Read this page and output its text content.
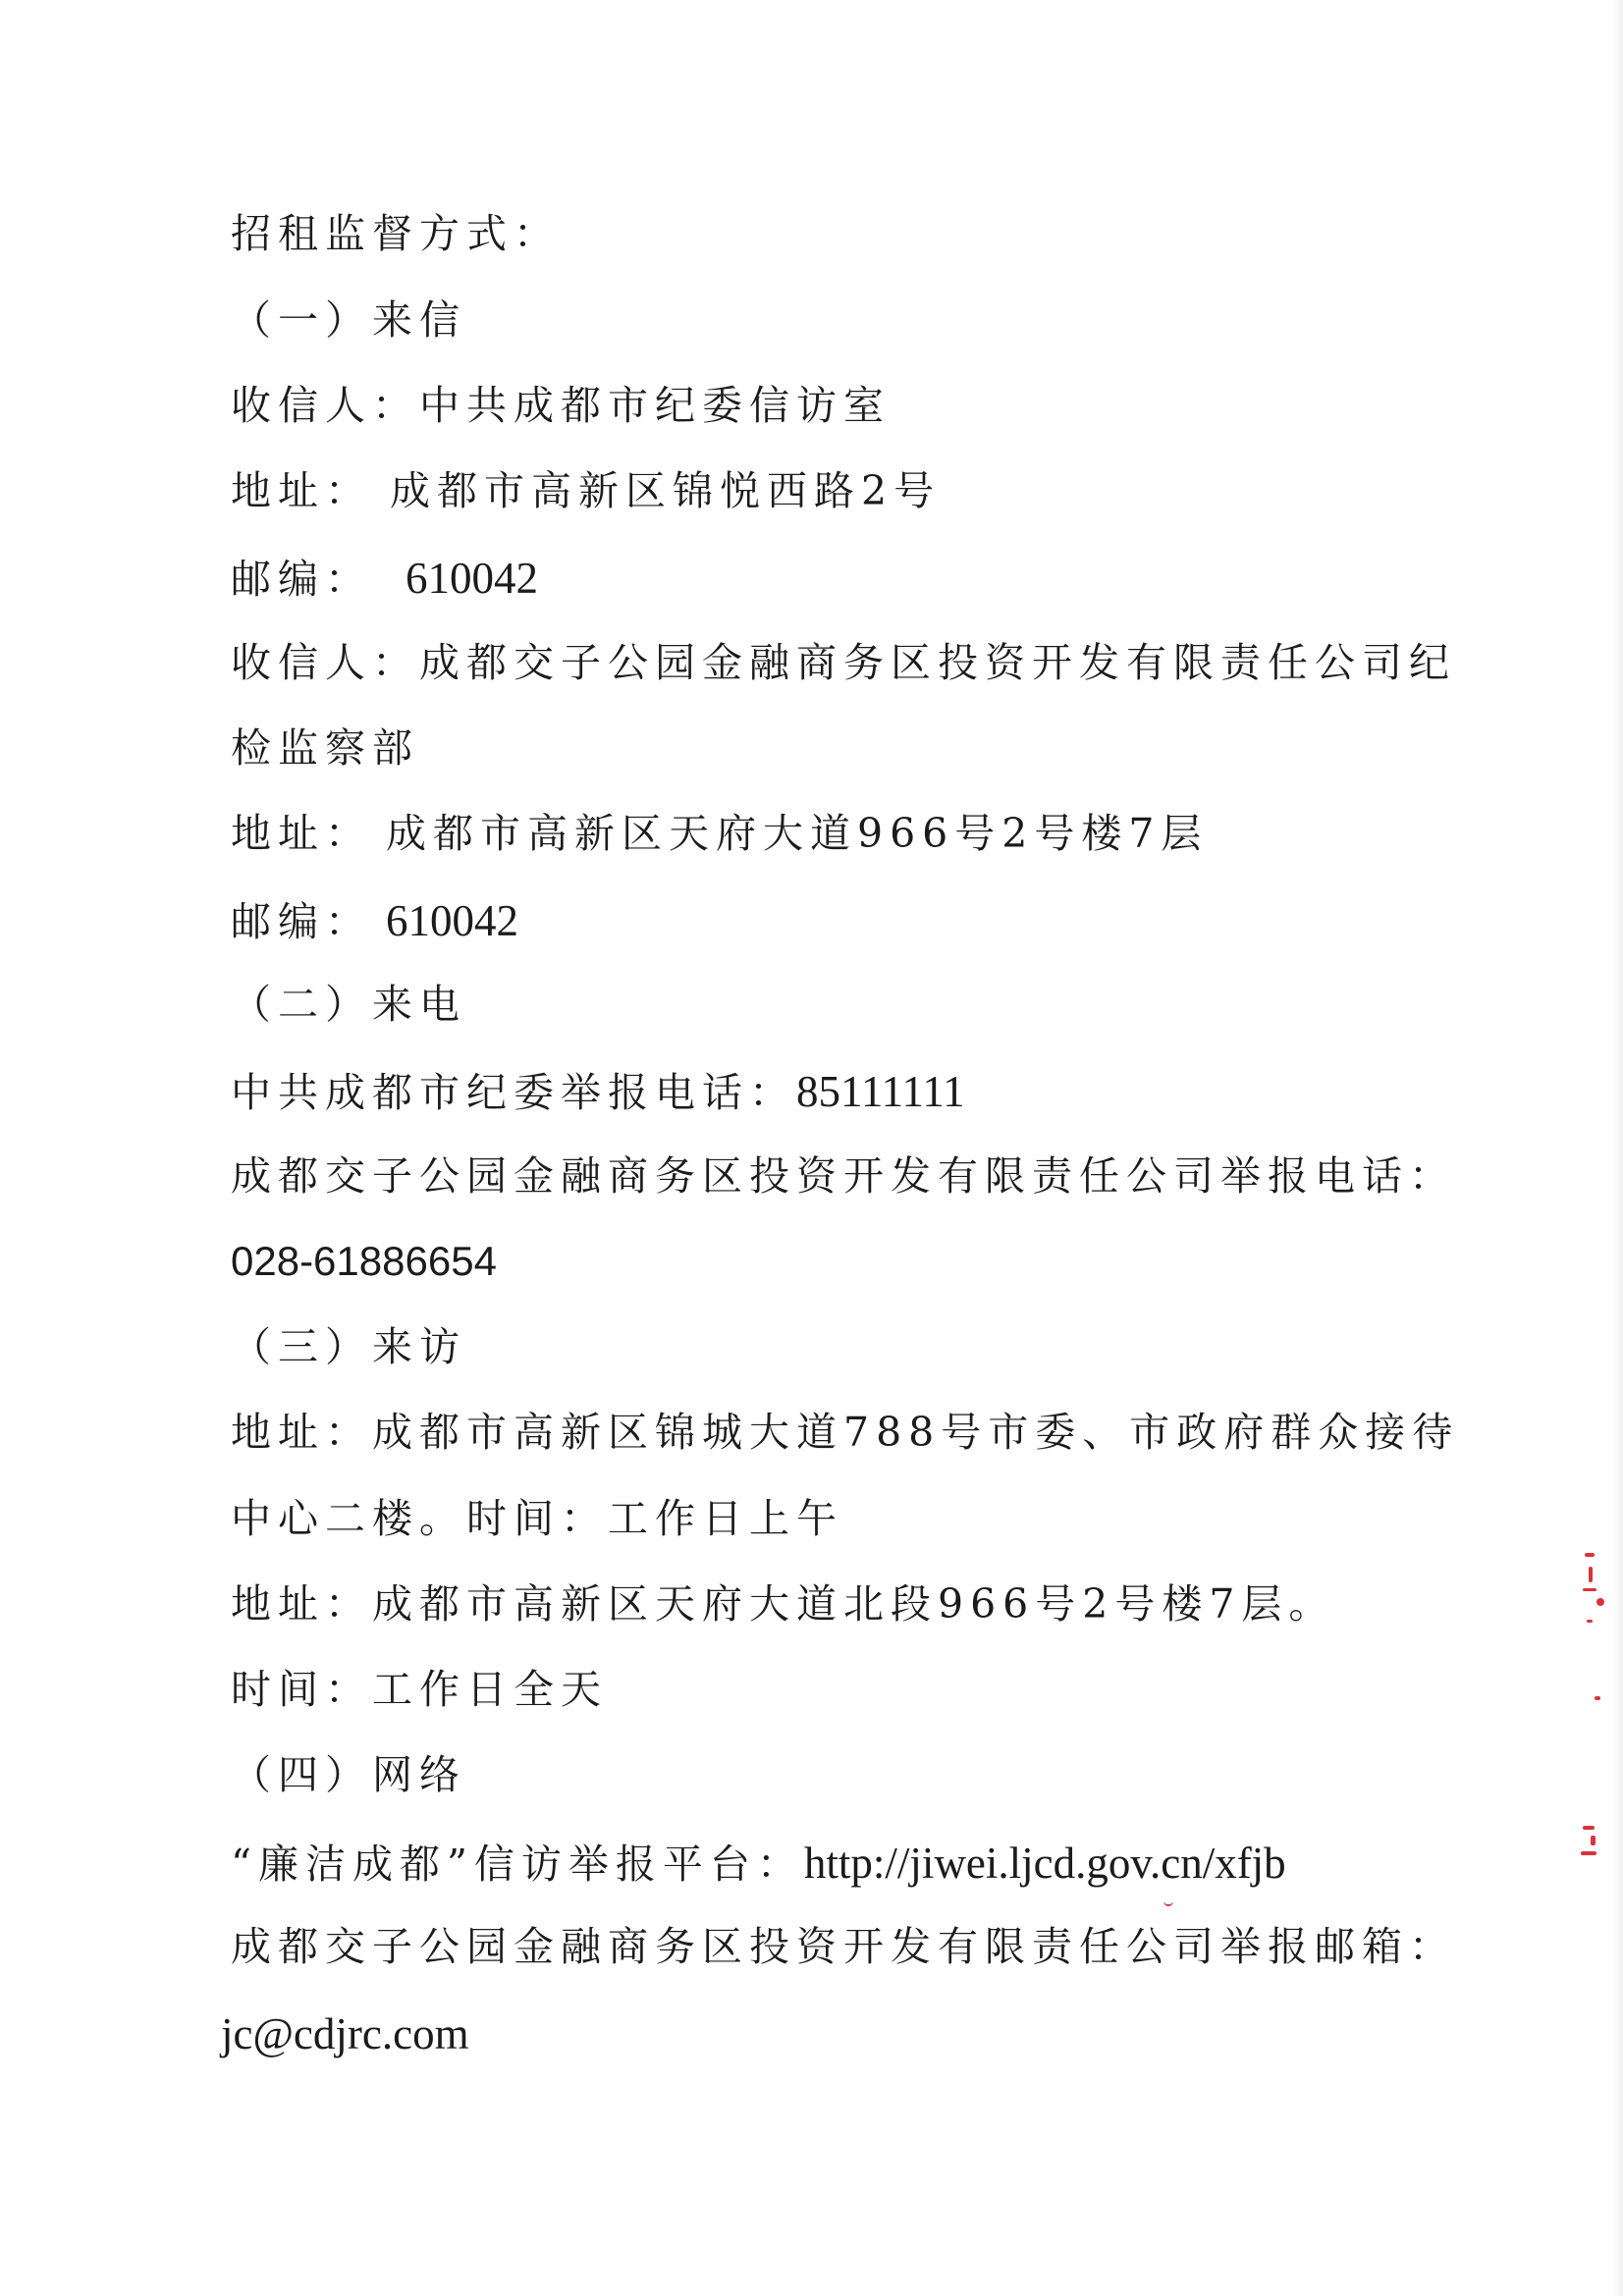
招租监督方式：

（一）来信

收信人：中共成都市纪委信访室

地址： 成都市高新区锦悦西路2号

邮编： 610042

收信人：成都交子公园金融商务区投资开发有限责任公司纪

检监察部

地址： 成都市高新区天府大道966号2号楼7层

邮编： 610042

（二）来电

中共成都市纪委举报电话：85111111

成都交子公园金融商务区投资开发有限责任公司举报电话：

028-61886654

（三）来访

地址：成都市高新区锦城大道788号市委、市政府群众接待

中心二楼。时间：工作日上午

地址：成都市高新区天府大道北段966号2号楼7层。

时间：工作日全天

（四）网络

“廉洁成都”信访举报平台：http://jiwei.ljcd.gov.cn/xfjb

成都交子公园金融商务区投资开发有限责任公司举报邮箱：

jc@cdjrc.com
